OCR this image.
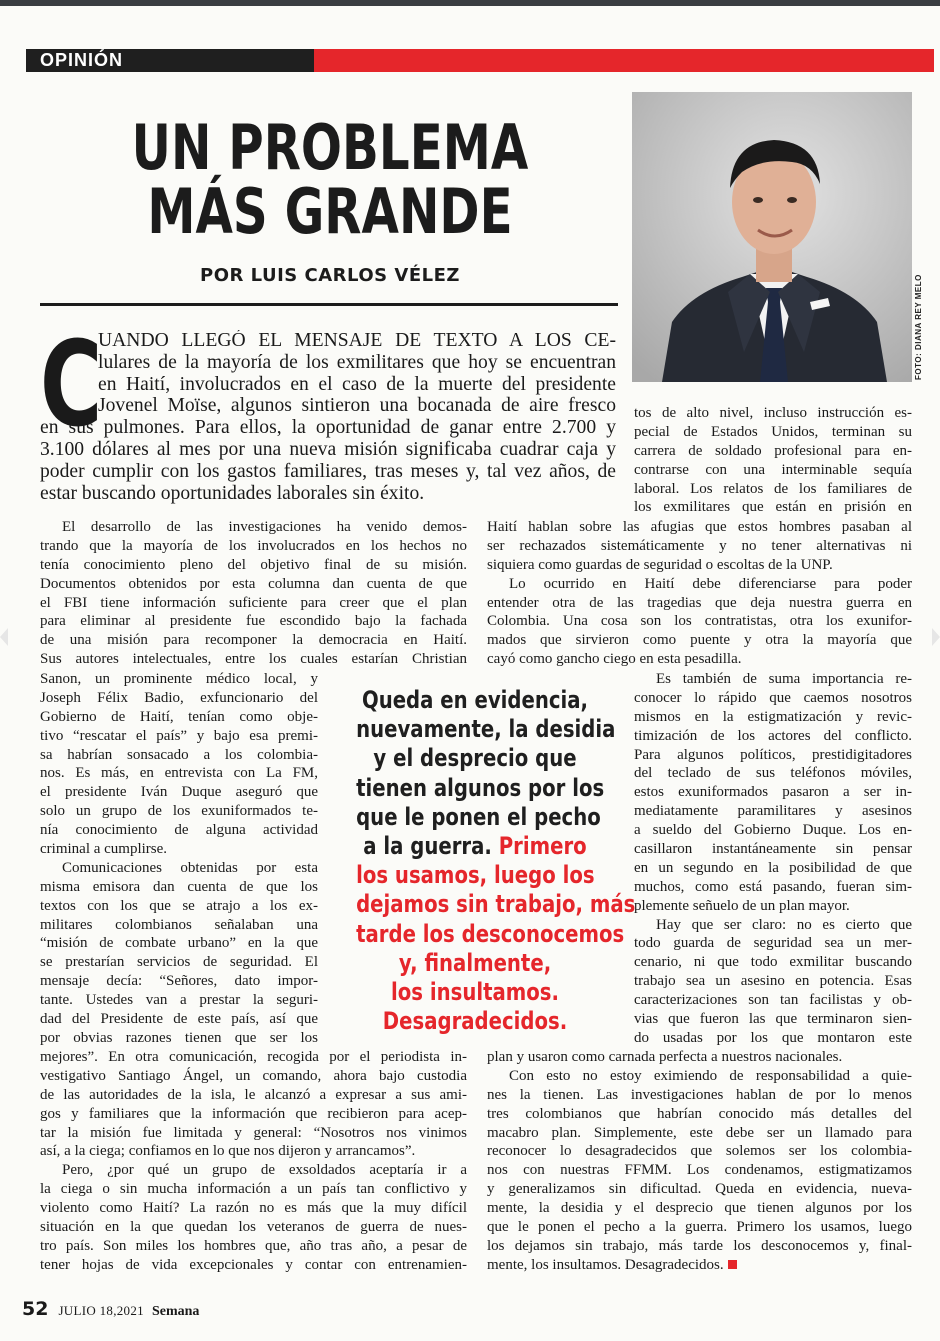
OPINIÓN
UN PROBLEMA
MÁS GRANDE
POR LUIS CARLOS VÉLEZ	FOTO: DIANA REY MELO
C
UANDO LLEGÓ EL MENSAJE DE TEXTO A LOS CE-
lulares de la mayoría de los exmilitares que hoy se encuentran
en Haití, involucrados en el caso de la muerte del presidente
Jovenel Moïse, algunos sintieron una bocanada de aire fresco
en sus pulmones. Para ellos, la oportunidad de ganar entre 2.700 y
3.100 dólares al mes por una nueva misión significaba cuadrar caja y
poder cumplir con los gastos familiares, tras meses y, tal vez años, de
estar buscando oportunidades laborales sin éxito.
tos de alto nivel, incluso instrucción es-
pecial de Estados Unidos, terminan su
carrera de soldado profesional para en-
contrarse con una interminable sequía
laboral. Los relatos de los familiares de
los exmilitares que están en prisión en
El desarrollo de las investigaciones ha venido demos-
trando que la mayoría de los involucrados en los hechos no
tenía conocimiento pleno del objetivo final de su misión.
Documentos obtenidos por esta columna dan cuenta de que
el FBI tiene información suficiente para creer que el plan
para eliminar al presidente fue escondido bajo la fachada
de una misión para recomponer la democracia en Haití.
Sus autores intelectuales, entre los cuales estarían Christian
Haití hablan sobre las afugias que estos hombres pasaban al
ser rechazados sistemáticamente y no tener alternativas ni
siquiera como guardas de seguridad o escoltas de la UNP.
Lo ocurrido en Haití debe diferenciarse para poder
entender otra de las tragedias que deja nuestra guerra en
Colombia. Una cosa son los contratistas, otra los exunifor-
mados que sirvieron como puente y otra la mayoría que
cayó como gancho ciego en esta pesadilla.
Sanon, un prominente médico local, y
Joseph Félix Badio, exfuncionario del
Gobierno de Haití, tenían como obje-
tivo “rescatar el país” y bajo esa premi-
sa habrían sonsacado a los colombia-
nos. Es más, en entrevista con La FM,
el presidente Iván Duque aseguró que
solo un grupo de los exuniformados te-
nía conocimiento de alguna actividad
criminal a cumplirse.
Comunicaciones obtenidas por esta
misma emisora dan cuenta de que los
textos con los que se atrajo a los ex-
militares colombianos señalaban una
“misión de combate urbano” en la que
se prestarían servicios de seguridad. El
mensaje decía: “Señores, dato impor-
tante. Ustedes van a prestar la seguri-
dad del Presidente de este país, así que
por obvias razones tienen que ser los
Queda en evidencia,
nuevamente, la desidia
y el desprecio que
tienen algunos por los
que le ponen el pecho
a la guerra. Primero
los usamos, luego los
dejamos sin trabajo, más
tarde los desconocemos
y, finalmente,
los insultamos.
Desagradecidos.
Es también de suma importancia re-
conocer lo rápido que caemos nosotros
mismos en la estigmatización y revic-
timización de los actores del conflicto.
Para algunos políticos, prestidigitadores
del teclado de sus teléfonos móviles,
estos exuniformados pasaron a ser in-
mediatamente paramilitares y asesinos
a sueldo del Gobierno Duque. Los en-
casillaron instantáneamente sin pensar
en un segundo en la posibilidad de que
muchos, como está pasando, fueran sim-
plemente señuelo de un plan mayor.
Hay que ser claro: no es cierto que
todo guarda de seguridad sea un mer-
cenario, ni que todo exmilitar buscando
trabajo sea un asesino en potencia. Esas
caracterizaciones son tan facilistas y ob-
vias que fueron las que terminaron sien-
do usadas por los que montaron este
mejores”. En otra comunicación, recogida por el periodista in-
vestigativo Santiago Ángel, un comando, ahora bajo custodia
de las autoridades de la isla, le alcanzó a expresar a sus ami-
gos y familiares que la información que recibieron para acep-
tar la misión fue limitada y general: “Nosotros nos vinimos
así, a la ciega; confiamos en lo que nos dijeron y arrancamos”.
Pero, ¿por qué un grupo de exsoldados aceptaría ir a
la ciega o sin mucha información a un país tan conflictivo y
violento como Haití? La razón no es más que la muy difícil
situación en la que quedan los veteranos de guerra de nues-
tro país. Son miles los hombres que, año tras año, a pesar de
tener hojas de vida excepcionales y contar con entrenamien-
plan y usaron como carnada perfecta a nuestros nacionales.
Con esto no estoy eximiendo de responsabilidad a quie-
nes la tienen. Las investigaciones hablan de por lo menos
tres colombianos que habrían conocido más detalles del
macabro plan. Simplemente, este debe ser un llamado para
reconocer lo desagradecidos que solemos ser los colombia-
nos con nuestras FFMM. Los condenamos, estigmatizamos
y generalizamos sin dificultad. Queda en evidencia, nueva-
mente, la desidia y el desprecio que tienen algunos por los
que le ponen el pecho a la guerra. Primero los usamos, luego
los dejamos sin trabajo, más tarde los desconocemos y, final-
mente, los insultamos. Desagradecidos.
52 JULIO 18,2021 Semana
